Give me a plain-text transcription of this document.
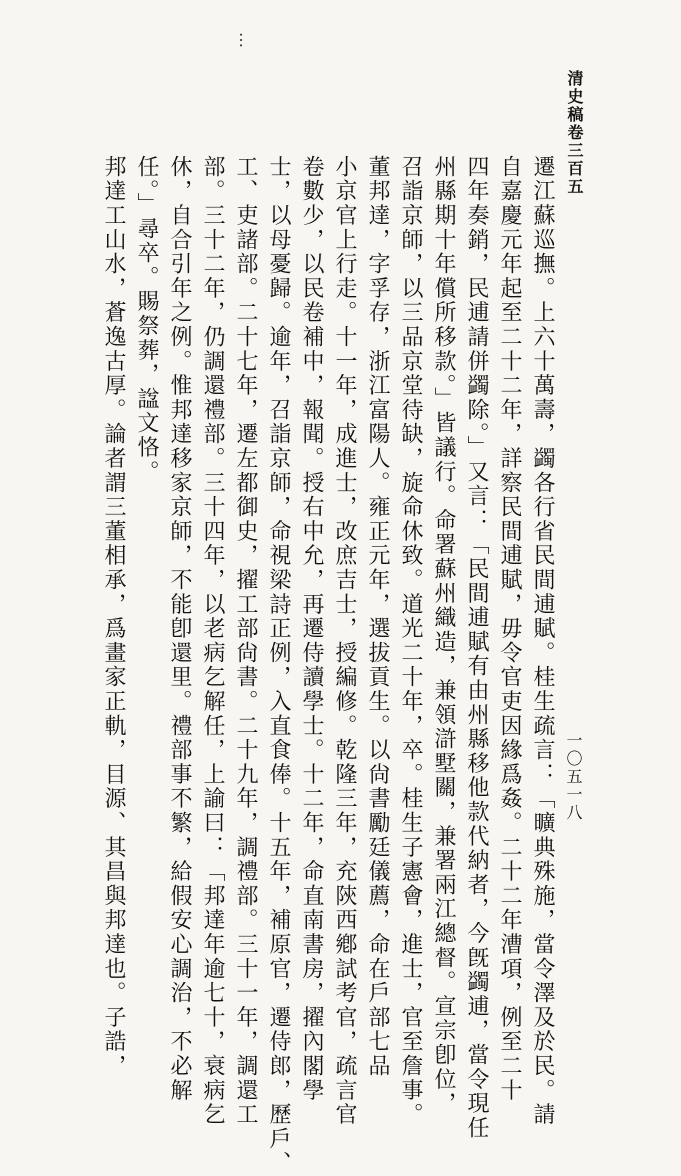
…
清史稿卷三百五
一〇五一八
遷江蘇巡撫。上六十萬壽，蠲各行省民間逋賦。桂生疏言：「曠典殊施，當令澤及於民。請
自嘉慶元年起至二十二年，詳察民間逋賦，毋令官吏因緣爲姦。二十二年漕項，例至二十
四年奏銷，民逋請併蠲除。」又言：「民間逋賦有由州縣移他款代納者，今旣蠲逋，當令現任
州縣期十年償所移款。」皆議行。命署蘇州織造，兼領滸墅關，兼署兩江總督。宣宗卽位，
召詣京師，以三品京堂待缺，旋命休致。道光二十年，卒。桂生子憲會，進士，官至詹事。
董邦達，字孚存，浙江富陽人。雍正元年，選拔貢生。以尙書勵廷儀薦，命在戶部七品
小京官上行走。十一年，成進士，改庶吉士，授編修。乾隆三年，充陝西鄕試考官，疏言官
卷數少，以民卷補中，報聞。授右中允，再遷侍讀學士。十二年，命直南書房，擢內閣學
士，以母憂歸。逾年，召詣京師，命視梁詩正例，入直食俸。十五年，補原官，遷侍郎，歷戶、
工、吏諸部。二十七年，遷左都御史，擢工部尙書。二十九年，調禮部。三十一年，調還工
部。三十二年，仍調還禮部。三十四年，以老病乞解任，上諭曰：「邦達年逾七十，衰病乞
休，自合引年之例。惟邦達移家京師，不能卽還里。禮部事不繁，給假安心調治，不必解
任。」尋卒。賜祭葬，諡文恪。
邦達工山水，蒼逸古厚。論者謂三董相承，爲畫家正軌，目源、其昌與邦達也。子誥，
